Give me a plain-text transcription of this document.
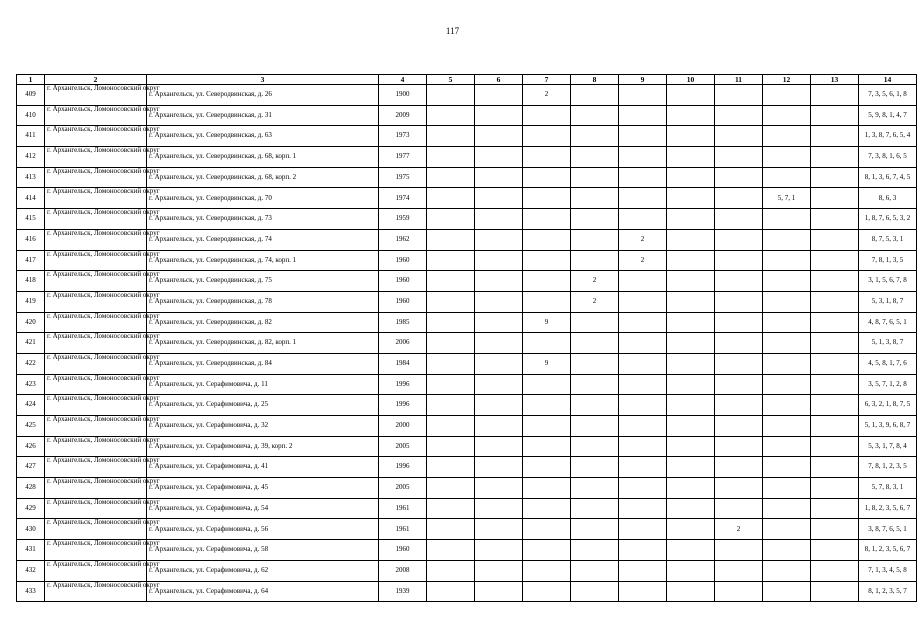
117
1	2	3	4	5	6	7	8	9	10	11	12	13	14
409	г. Архангельск, Ломоносовский округ	г. Архангельск, ул. Северодвинская, д. 26	1900			2							7, 3, 5, 6, 1, 8
410	г. Архангельск, Ломоносовский округ	г. Архангельск, ул. Северодвинская, д. 31	2009										5, 9, 8, 1, 4, 7
411	г. Архангельск, Ломоносовский округ	г. Архангельск, ул. Северодвинская, д. 63	1973										1, 3, 8, 7, 6, 5, 4
412	г. Архангельск, Ломоносовский округ	г. Архангельск, ул. Северодвинская, д. 68, корп. 1	1977										7, 3, 8, 1, 6, 5
413	г. Архангельск, Ломоносовский округ	г. Архангельск, ул. Северодвинская, д. 68, корп. 2	1975										8, 1, 3, 6, 7, 4, 5
414	г. Архангельск, Ломоносовский округ	г. Архангельск, ул. Северодвинская, д. 70	1974								5, 7, 1		8, 6, 3
415	г. Архангельск, Ломоносовский округ	г. Архангельск, ул. Северодвинская, д. 73	1959										1, 8, 7, 6, 5, 3, 2
416	г. Архангельск, Ломоносовский округ	г. Архангельск, ул. Северодвинская, д. 74	1962					2					8, 7, 5, 3, 1
417	г. Архангельск, Ломоносовский округ	г. Архангельск, ул. Северодвинская, д. 74, корп. 1	1960					2					7, 8, 1, 3, 5
418	г. Архангельск, Ломоносовский округ	г. Архангельск, ул. Северодвинская, д. 75	1960				2						3, 1, 5, 6, 7, 8
419	г. Архангельск, Ломоносовский округ	г. Архангельск, ул. Северодвинская, д. 78	1960				2						5, 3, 1, 8, 7
420	г. Архангельск, Ломоносовский округ	г. Архангельск, ул. Северодвинская, д. 82	1985			9							4, 8, 7, 6, 5, 1
421	г. Архангельск, Ломоносовский округ	г. Архангельск, ул. Северодвинская, д. 82, корп. 1	2006										5, 1, 3, 8, 7
422	г. Архангельск, Ломоносовский округ	г. Архангельск, ул. Северодвинская, д. 84	1984			9							4, 5, 8, 1, 7, 6
423	г. Архангельск, Ломоносовский округ	г. Архангельск, ул. Серафимовича, д. 11	1996										3, 5, 7, 1, 2, 8
424	г. Архангельск, Ломоносовский округ	г. Архангельск, ул. Серафимовича, д. 25	1996										6, 3, 2, 1, 8, 7, 5
425	г. Архангельск, Ломоносовский округ	г. Архангельск, ул. Серафимовича, д. 32	2000										5, 1, 3, 9, 6, 8, 7
426	г. Архангельск, Ломоносовский округ	г. Архангельск, ул. Серафимовича, д. 39, корп. 2	2005										5, 3, 1, 7, 8, 4
427	г. Архангельск, Ломоносовский округ	г. Архангельск, ул. Серафимовича, д. 41	1996										7, 8, 1, 2, 3, 5
428	г. Архангельск, Ломоносовский округ	г. Архангельск, ул. Серафимовича, д. 45	2005										5, 7, 8, 3, 1
429	г. Архангельск, Ломоносовский округ	г. Архангельск, ул. Серафимовича, д. 54	1961										1, 8, 2, 3, 5, 6, 7
430	г. Архангельск, Ломоносовский округ	г. Архангельск, ул. Серафимовича, д. 56	1961							2			3, 8, 7, 6, 5, 1
431	г. Архангельск, Ломоносовский округ	г. Архангельск, ул. Серафимовича, д. 58	1960										8, 1, 2, 3, 5, 6, 7
432	г. Архангельск, Ломоносовский округ	г. Архангельск, ул. Серафимовича, д. 62	2008										7, 1, 3, 4, 5, 8
433	г. Архангельск, Ломоносовский округ	г. Архангельск, ул. Серафимовича, д. 64	1939										8, 1, 2, 3, 5, 7
